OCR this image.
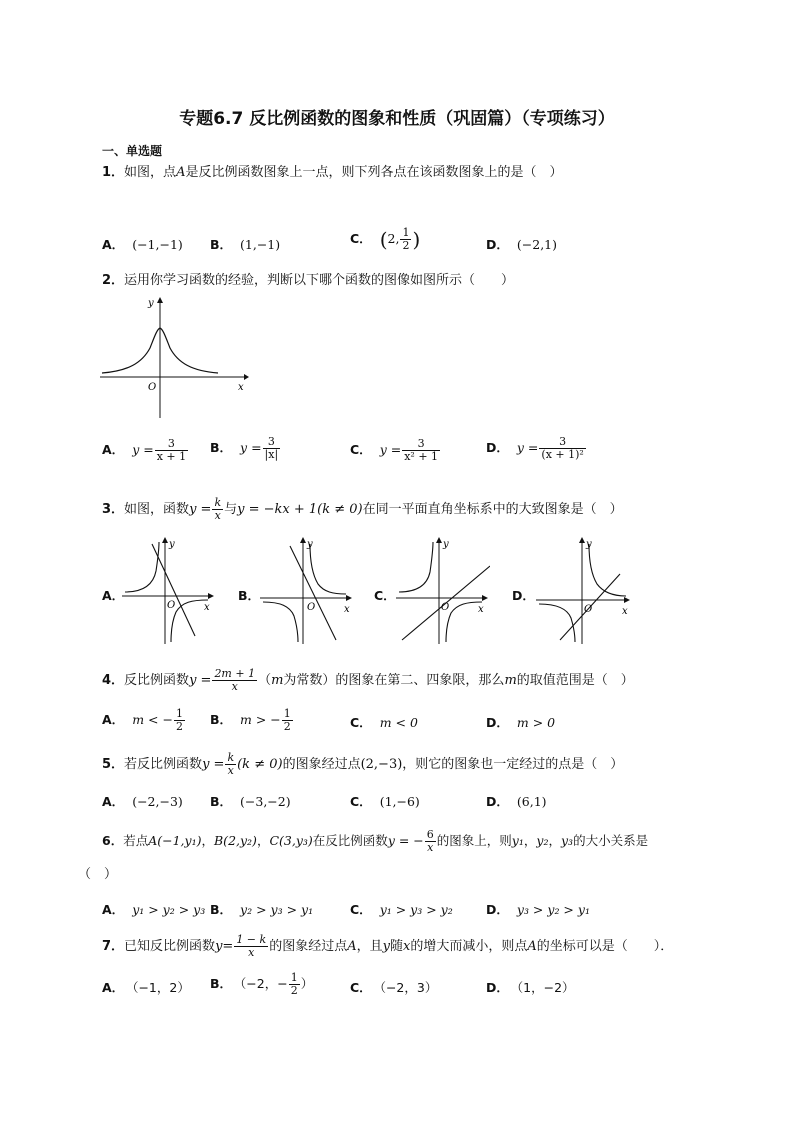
专题6.7 反比例函数的图象和性质（巩固篇）（专项练习）
一、单选题
1．如图，点A是反比例函数图象上一点，则下列各点在该函数图象上的是（　）
A． (−1,−1) B． (1,−1)	C． (2, $\frac{1}{2}$ )	D． (−2,1)
2．运用你学习函数的经验，判断以下哪个函数的图像如图所示（　　）
y
x
O
A． $y = \frac{3}{x + 1}$ B． $y = \frac{3}{|x|}$	C． $y = \frac{3}{\text{x² + 1}}$	D． $y = \frac{3}{\text{(x + 1)²}}$
3．如图，函数$y = \frac{k}{x}$ 与y = −kx + 1(k ≠ 0)在同一平面直角坐标系中的大致图象是（　）
A．
y
x
O
B．
y
x
O
C．
y
x
O
D．
y
x
O
4．反比例函数$y = \frac{2m + 1}{x} (m$为常数）的图象在第二、四象限，那么m的取值范围是（　）
A． m < − $\frac{1}{2}$ B． m > − $\frac{1}{2}$	C． m < 0	D． m > 0
5．若反比例函数$y = \frac{k}{x} (k \ne 0)$的图象经过点(2,−3)，则它的图象也一定经过的点是（　）
A． (−2,−3) B． (−3,−2)	C． (1,−6)	D． (6,1)
6．若点A(−1,y₁)，B(2,y₂)，C(3,y₃)在反比例函数y = − $\frac{6}{x}$ 的图象上，则y₁，y₂，y₃的大小关系是
（　）
A． y₁ > y₂ > y₃ B． y₂ > y₃ > y₁	C． y₁ > y₃ > y₂	D． y₃ > y₂ > y₁
7．已知反比例函数$y= \frac{1 - k}{x}$ 的图象经过点A，且y随x的增大而减小，则点A的坐标可以是（　　）．
A． （−1，2） B． （−2，− $\frac{1}{2}$ ）	C． （−2，3）	D． （1，−2）
